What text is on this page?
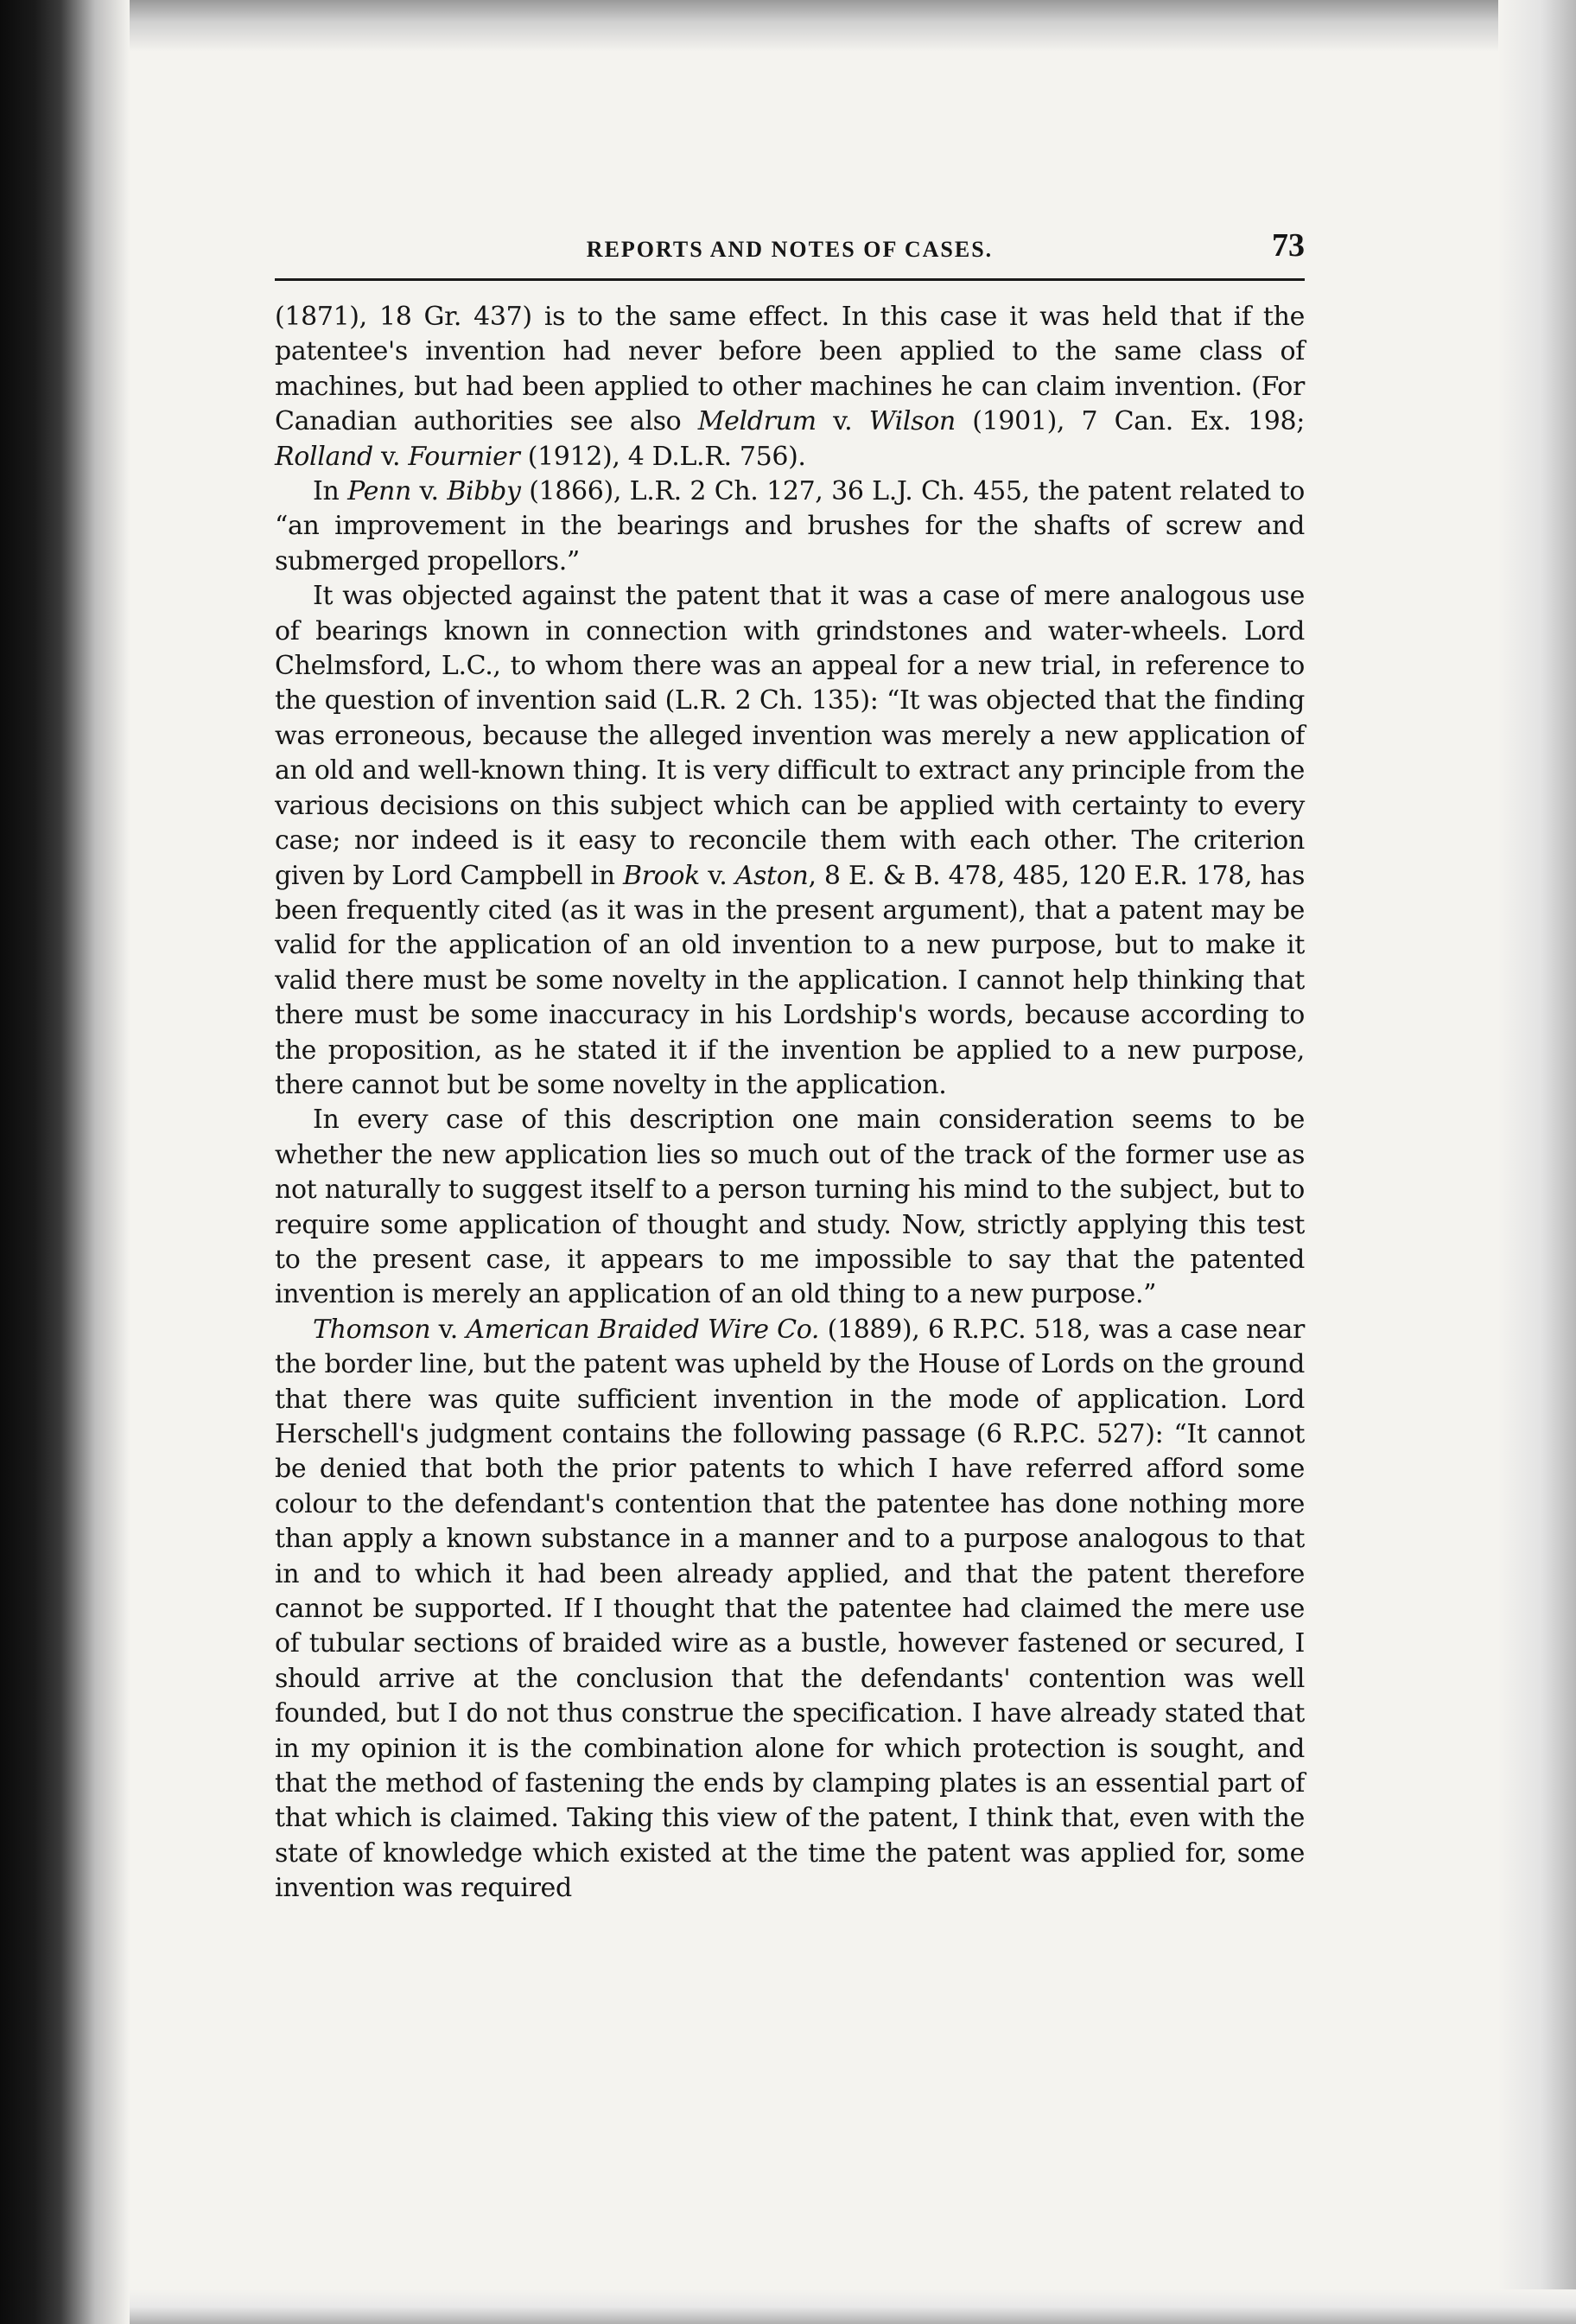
REPORTS AND NOTES OF CASES.	73

(1871), 18 Gr. 437) is to the same effect. In this case it was held that if the patentee's invention had never before been applied to the same class of machines, but had been applied to other machines he can claim invention. (For Canadian authorities see also Meldrum v. Wilson (1901), 7 Can. Ex. 198; Rolland v. Fournier (1912), 4 D.L.R. 756).

In Penn v. Bibby (1866), L.R. 2 Ch. 127, 36 L.J. Ch. 455, the patent related to “an improvement in the bearings and brushes for the shafts of screw and submerged propellors.”

It was objected against the patent that it was a case of mere analogous use of bearings known in connection with grindstones and water-wheels. Lord Chelmsford, L.C., to whom there was an appeal for a new trial, in reference to the question of invention said (L.R. 2 Ch. 135): “It was objected that the finding was erroneous, because the alleged invention was merely a new application of an old and well-known thing. It is very difficult to extract any principle from the various decisions on this subject which can be applied with certainty to every case; nor indeed is it easy to reconcile them with each other. The criterion given by Lord Campbell in Brook v. Aston, 8 E. & B. 478, 485, 120 E.R. 178, has been frequently cited (as it was in the present argument), that a patent may be valid for the application of an old invention to a new purpose, but to make it valid there must be some novelty in the application. I cannot help thinking that there must be some inaccuracy in his Lordship's words, because according to the proposition, as he stated it if the invention be applied to a new purpose, there cannot but be some novelty in the application.

In every case of this description one main consideration seems to be whether the new application lies so much out of the track of the former use as not naturally to suggest itself to a person turning his mind to the subject, but to require some application of thought and study. Now, strictly applying this test to the present case, it appears to me impossible to say that the patented invention is merely an application of an old thing to a new purpose.”

Thomson v. American Braided Wire Co. (1889), 6 R.P.C. 518, was a case near the border line, but the patent was upheld by the House of Lords on the ground that there was quite sufficient invention in the mode of application. Lord Herschell's judgment contains the following passage (6 R.P.C. 527): “It cannot be denied that both the prior patents to which I have referred afford some colour to the defendant's contention that the patentee has done nothing more than apply a known substance in a manner and to a purpose analogous to that in and to which it had been already applied, and that the patent therefore cannot be supported. If I thought that the patentee had claimed the mere use of tubular sections of braided wire as a bustle, however fastened or secured, I should arrive at the conclusion that the defendants' contention was well founded, but I do not thus construe the specification. I have already stated that in my opinion it is the combination alone for which protection is sought, and that the method of fastening the ends by clamping plates is an essential part of that which is claimed. Taking this view of the patent, I think that, even with the state of knowledge which existed at the time the patent was applied for, some invention was required
